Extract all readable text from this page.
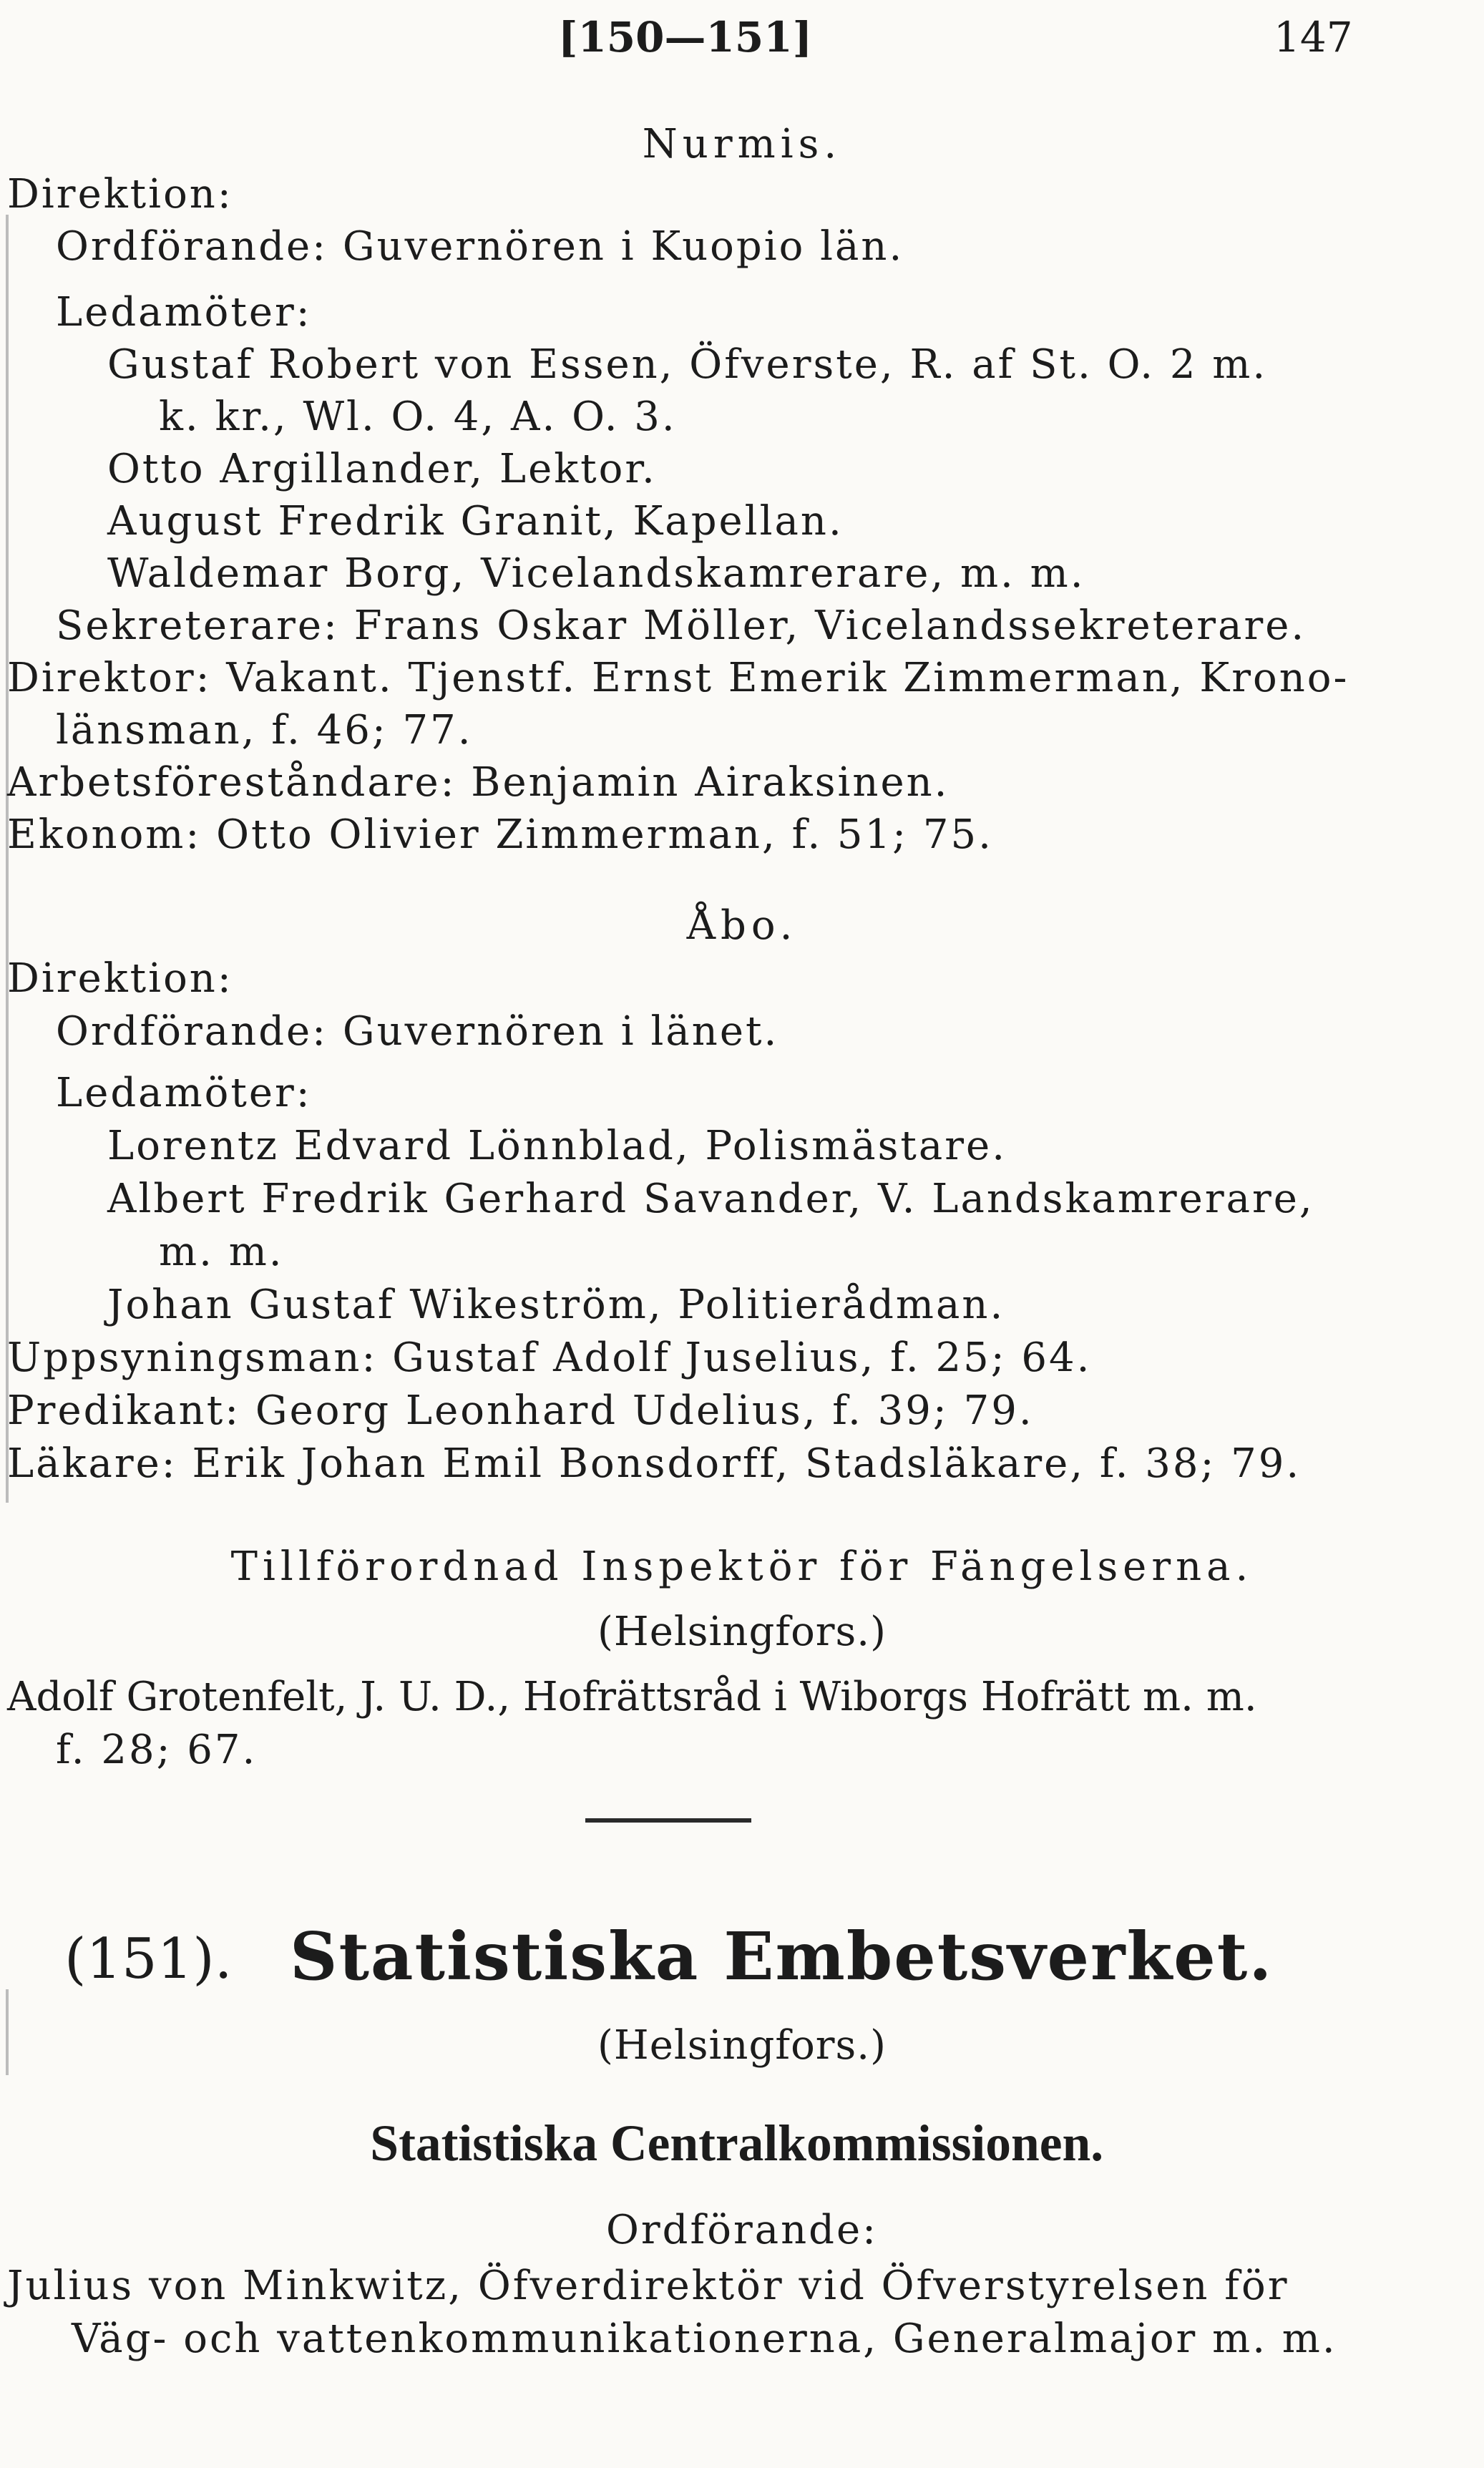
[150—151]	147
Nurmis.
Direktion:
Ordförande: Guvernören i Kuopio län.
Ledamöter:
Gustaf Robert von Essen, Öfverste, R. af St. O. 2 m.
k. kr., Wl. O. 4, A. O. 3.
Otto Argillander, Lektor.
August Fredrik Granit, Kapellan.
Waldemar Borg, Vicelandskamrerare, m. m.
Sekreterare: Frans Oskar Möller, Vicelandssekreterare.
Direktor: Vakant. Tjenstf. Ernst Emerik Zimmerman, Krono-
länsman, f. 46; 77.
Arbetsföreståndare: Benjamin Airaksinen.
Ekonom: Otto Olivier Zimmerman, f. 51; 75.
Åbo.
Direktion:
Ordförande: Guvernören i länet.
Ledamöter:
Lorentz Edvard Lönnblad, Polismästare.
Albert Fredrik Gerhard Savander, V. Landskamrerare,
m. m.
Johan Gustaf Wikeström, Politierådman.
Uppsyningsman: Gustaf Adolf Juselius, f. 25; 64.
Predikant: Georg Leonhard Udelius, f. 39; 79.
Läkare: Erik Johan Emil Bonsdorff, Stadsläkare, f. 38; 79.
Tillförordnad Inspektör för Fängelserna.
(Helsingfors.)
Adolf Grotenfelt, J. U. D., Hofrättsråd i Wiborgs Hofrätt m. m.
f. 28; 67.
(151). Statistiska Embetsverket.
(Helsingfors.)
Statistiska Centralkommissionen.
Ordförande:
Julius von Minkwitz, Öfverdirektör vid Öfverstyrelsen för
Väg- och vattenkommunikationerna, Generalmajor m. m.
